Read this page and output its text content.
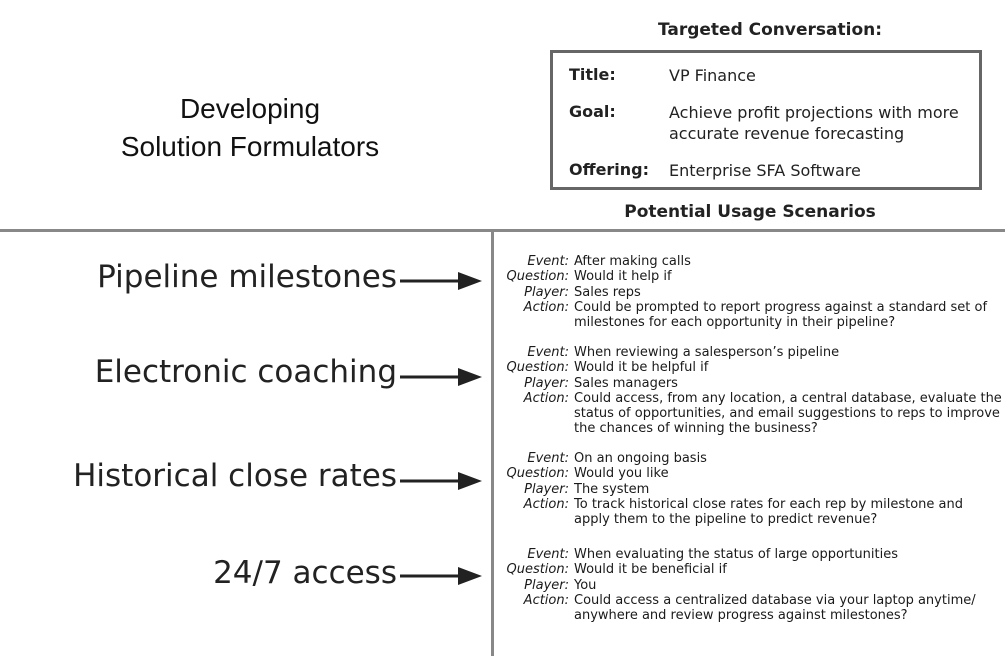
Developing
Solution Formulators
Targeted Conversation:
Title:	VP Finance
Goal:	Achieve profit projections with more
accurate revenue forecasting
Offering: Enterprise SFA Software
Potential Usage Scenarios
Pipeline milestones	Event: After making calls
Question: Would it help if
Player: Sales reps
Action: Could be prompted to report progress against a standard set of
milestones for each opportunity in their pipeline?
Electronic coaching
Event: When reviewing a salesperson’s pipeline
Question: Would it be helpful if
Player: Sales managers
Action: Could access, from any location, a central database, evaluate the
status of opportunities, and email suggestions to reps to improve
the chances of winning the business?
Historical close rates	Event: On an ongoing basis
Question: Would you like
Player: The system
Action: To track historical close rates for each rep by milestone and
apply them to the pipeline to predict revenue?
24/7 access
Event: When evaluating the status of large opportunities
Question: Would it be beneficial if
Player: You
Action: Could access a centralized database via your laptop anytime/
anywhere and review progress against milestones?
